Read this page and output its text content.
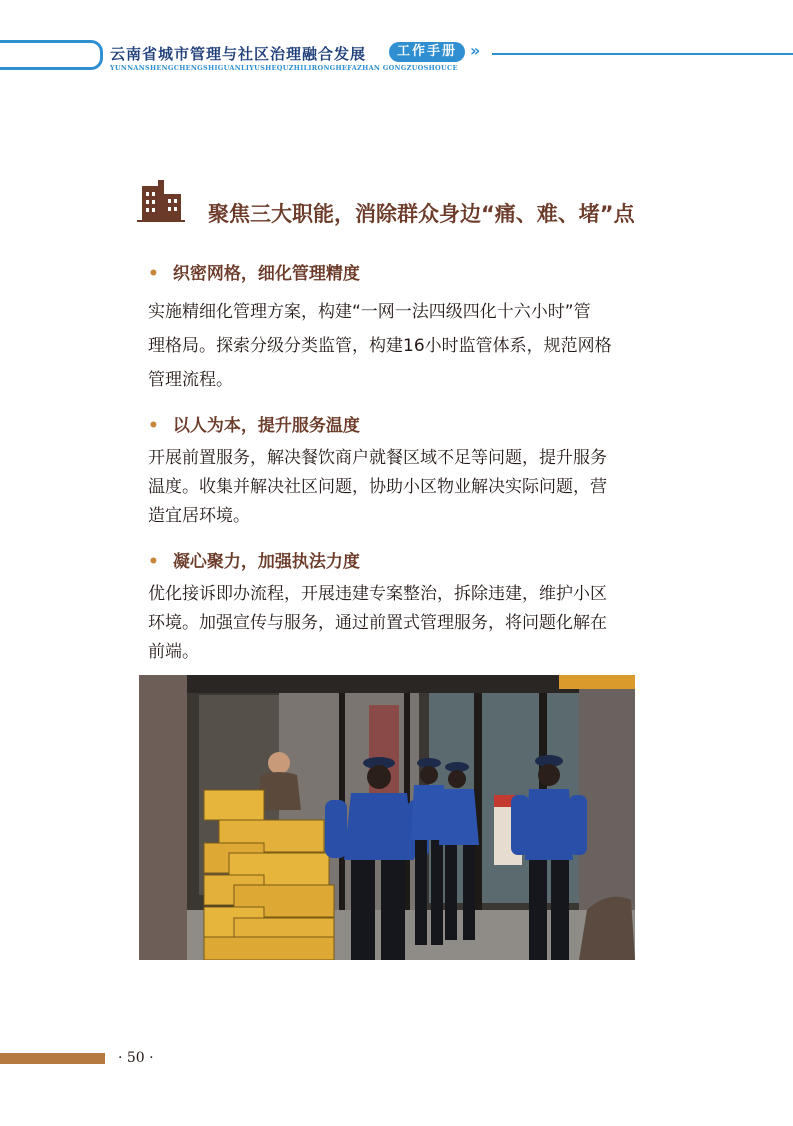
云南省城市管理与社区治理融合发展	工作手册 »
YUNNANSHENGCHENGSHIGUANLIYUSHEQUZHILIRONGHEFAZHAN GONGZUOSHOUCE
聚焦三大职能，消除群众身边“痛、难、堵”点
• 织密网格，细化管理精度
实施精细化管理方案，构建“一网一法四级四化十六小时”管
理格局。探索分级分类监管，构建16小时监管体系，规范网格
管理流程。
• 以人为本，提升服务温度
开展前置服务，解决餐饮商户就餐区域不足等问题，提升服务
温度。收集并解决社区问题，协助小区物业解决实际问题，营
造宜居环境。
• 凝心聚力，加强执法力度
优化接诉即办流程，开展违建专案整治，拆除违建，维护小区
环境。加强宣传与服务，通过前置式管理服务，将问题化解在
前端。
· 50 ·
